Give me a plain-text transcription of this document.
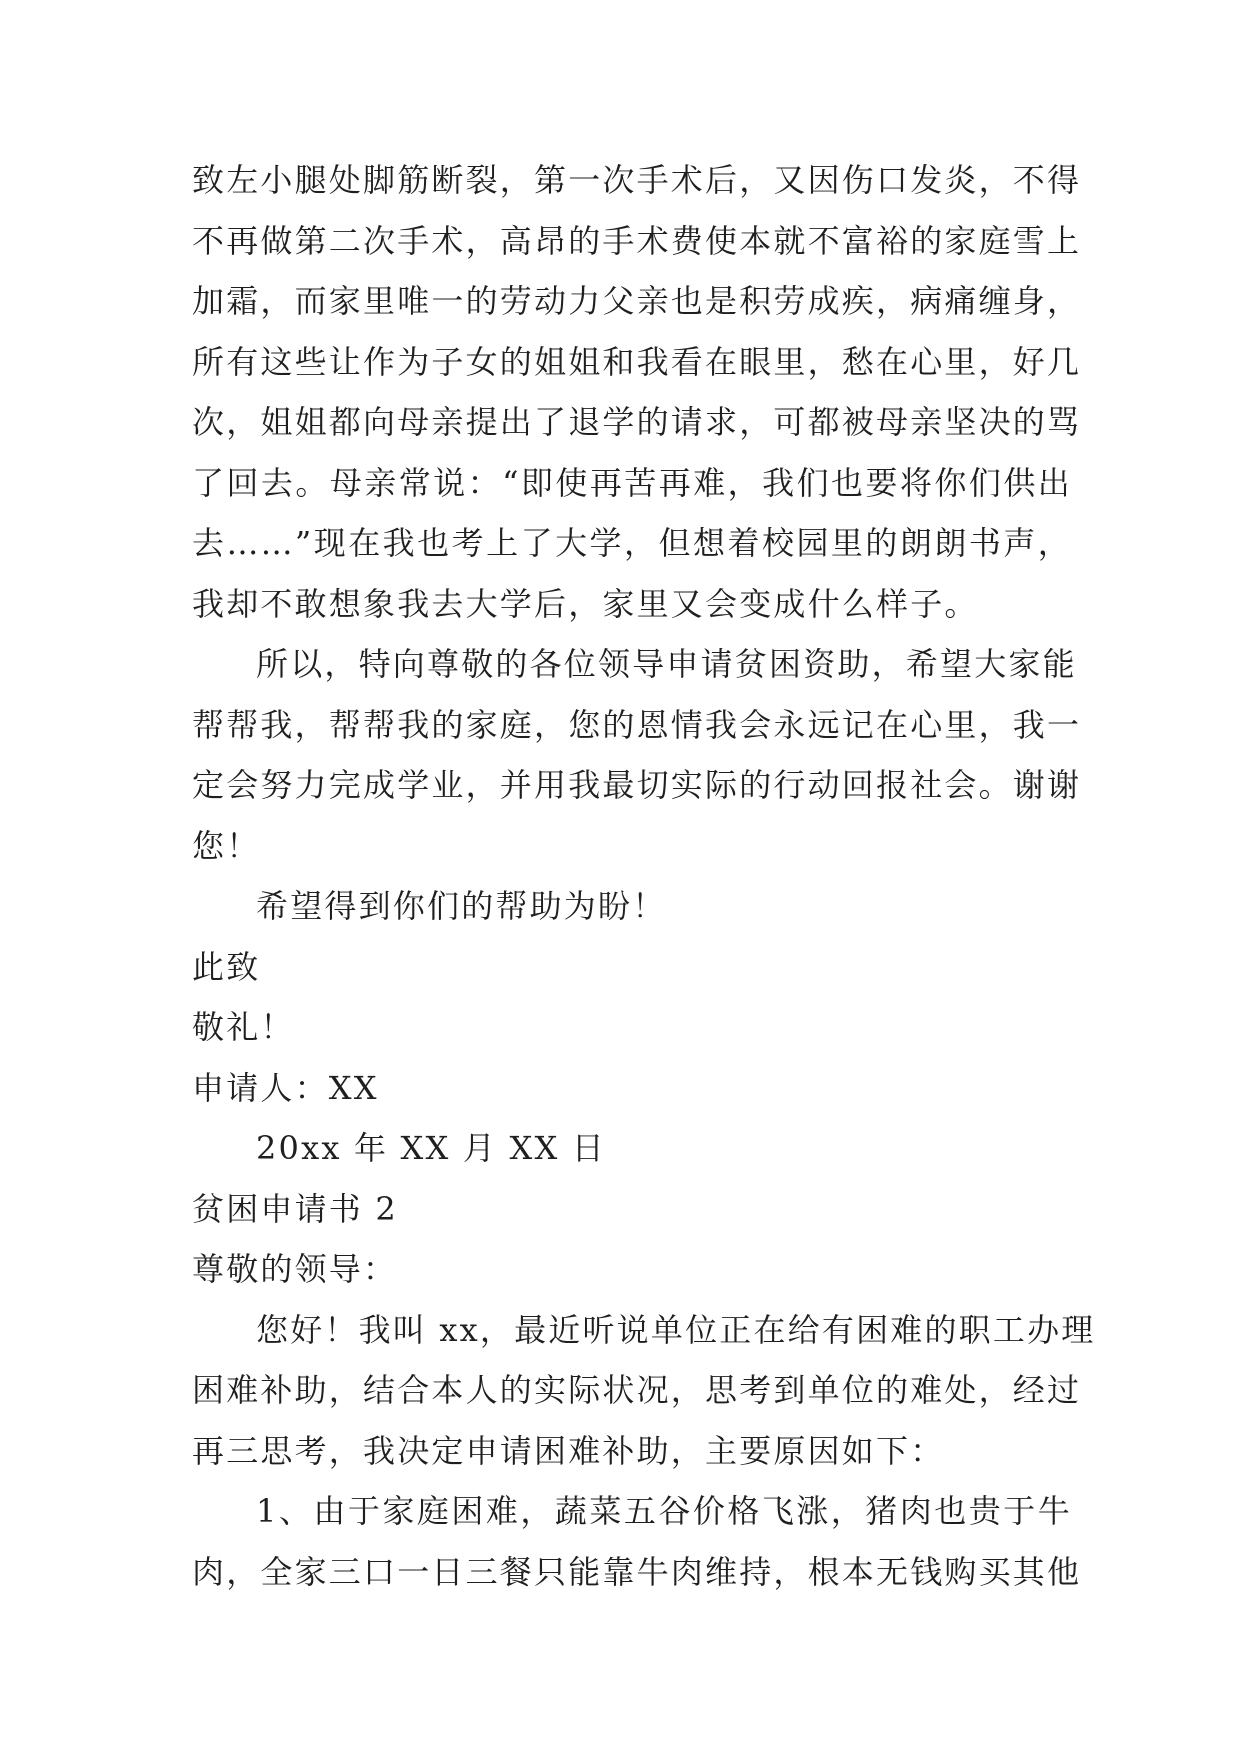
致左小腿处脚筋断裂，第一次手术后，又因伤口发炎，不得
不再做第二次手术，高昂的手术费使本就不富裕的家庭雪上
加霜，而家里唯一的劳动力父亲也是积劳成疾，病痛缠身，
所有这些让作为子女的姐姐和我看在眼里，愁在心里，好几
次，姐姐都向母亲提出了退学的请求，可都被母亲坚决的骂
了回去。母亲常说：“即使再苦再难，我们也要将你们供出
去……”现在我也考上了大学，但想着校园里的朗朗书声，
我却不敢想象我去大学后，家里又会变成什么样子。
所以，特向尊敬的各位领导申请贫困资助，希望大家能
帮帮我，帮帮我的家庭，您的恩情我会永远记在心里，我一
定会努力完成学业，并用我最切实际的行动回报社会。谢谢
您！
希望得到你们的帮助为盼！
此致
敬礼！
申请人：XX
20xx 年 XX 月 XX 日
贫困申请书 2
尊敬的领导：
您好！我叫 xx，最近听说单位正在给有困难的职工办理
困难补助，结合本人的实际状况，思考到单位的难处，经过
再三思考，我决定申请困难补助，主要原因如下：
1、由于家庭困难，蔬菜五谷价格飞涨，猪肉也贵于牛
肉，全家三口一日三餐只能靠牛肉维持，根本无钱购买其他
